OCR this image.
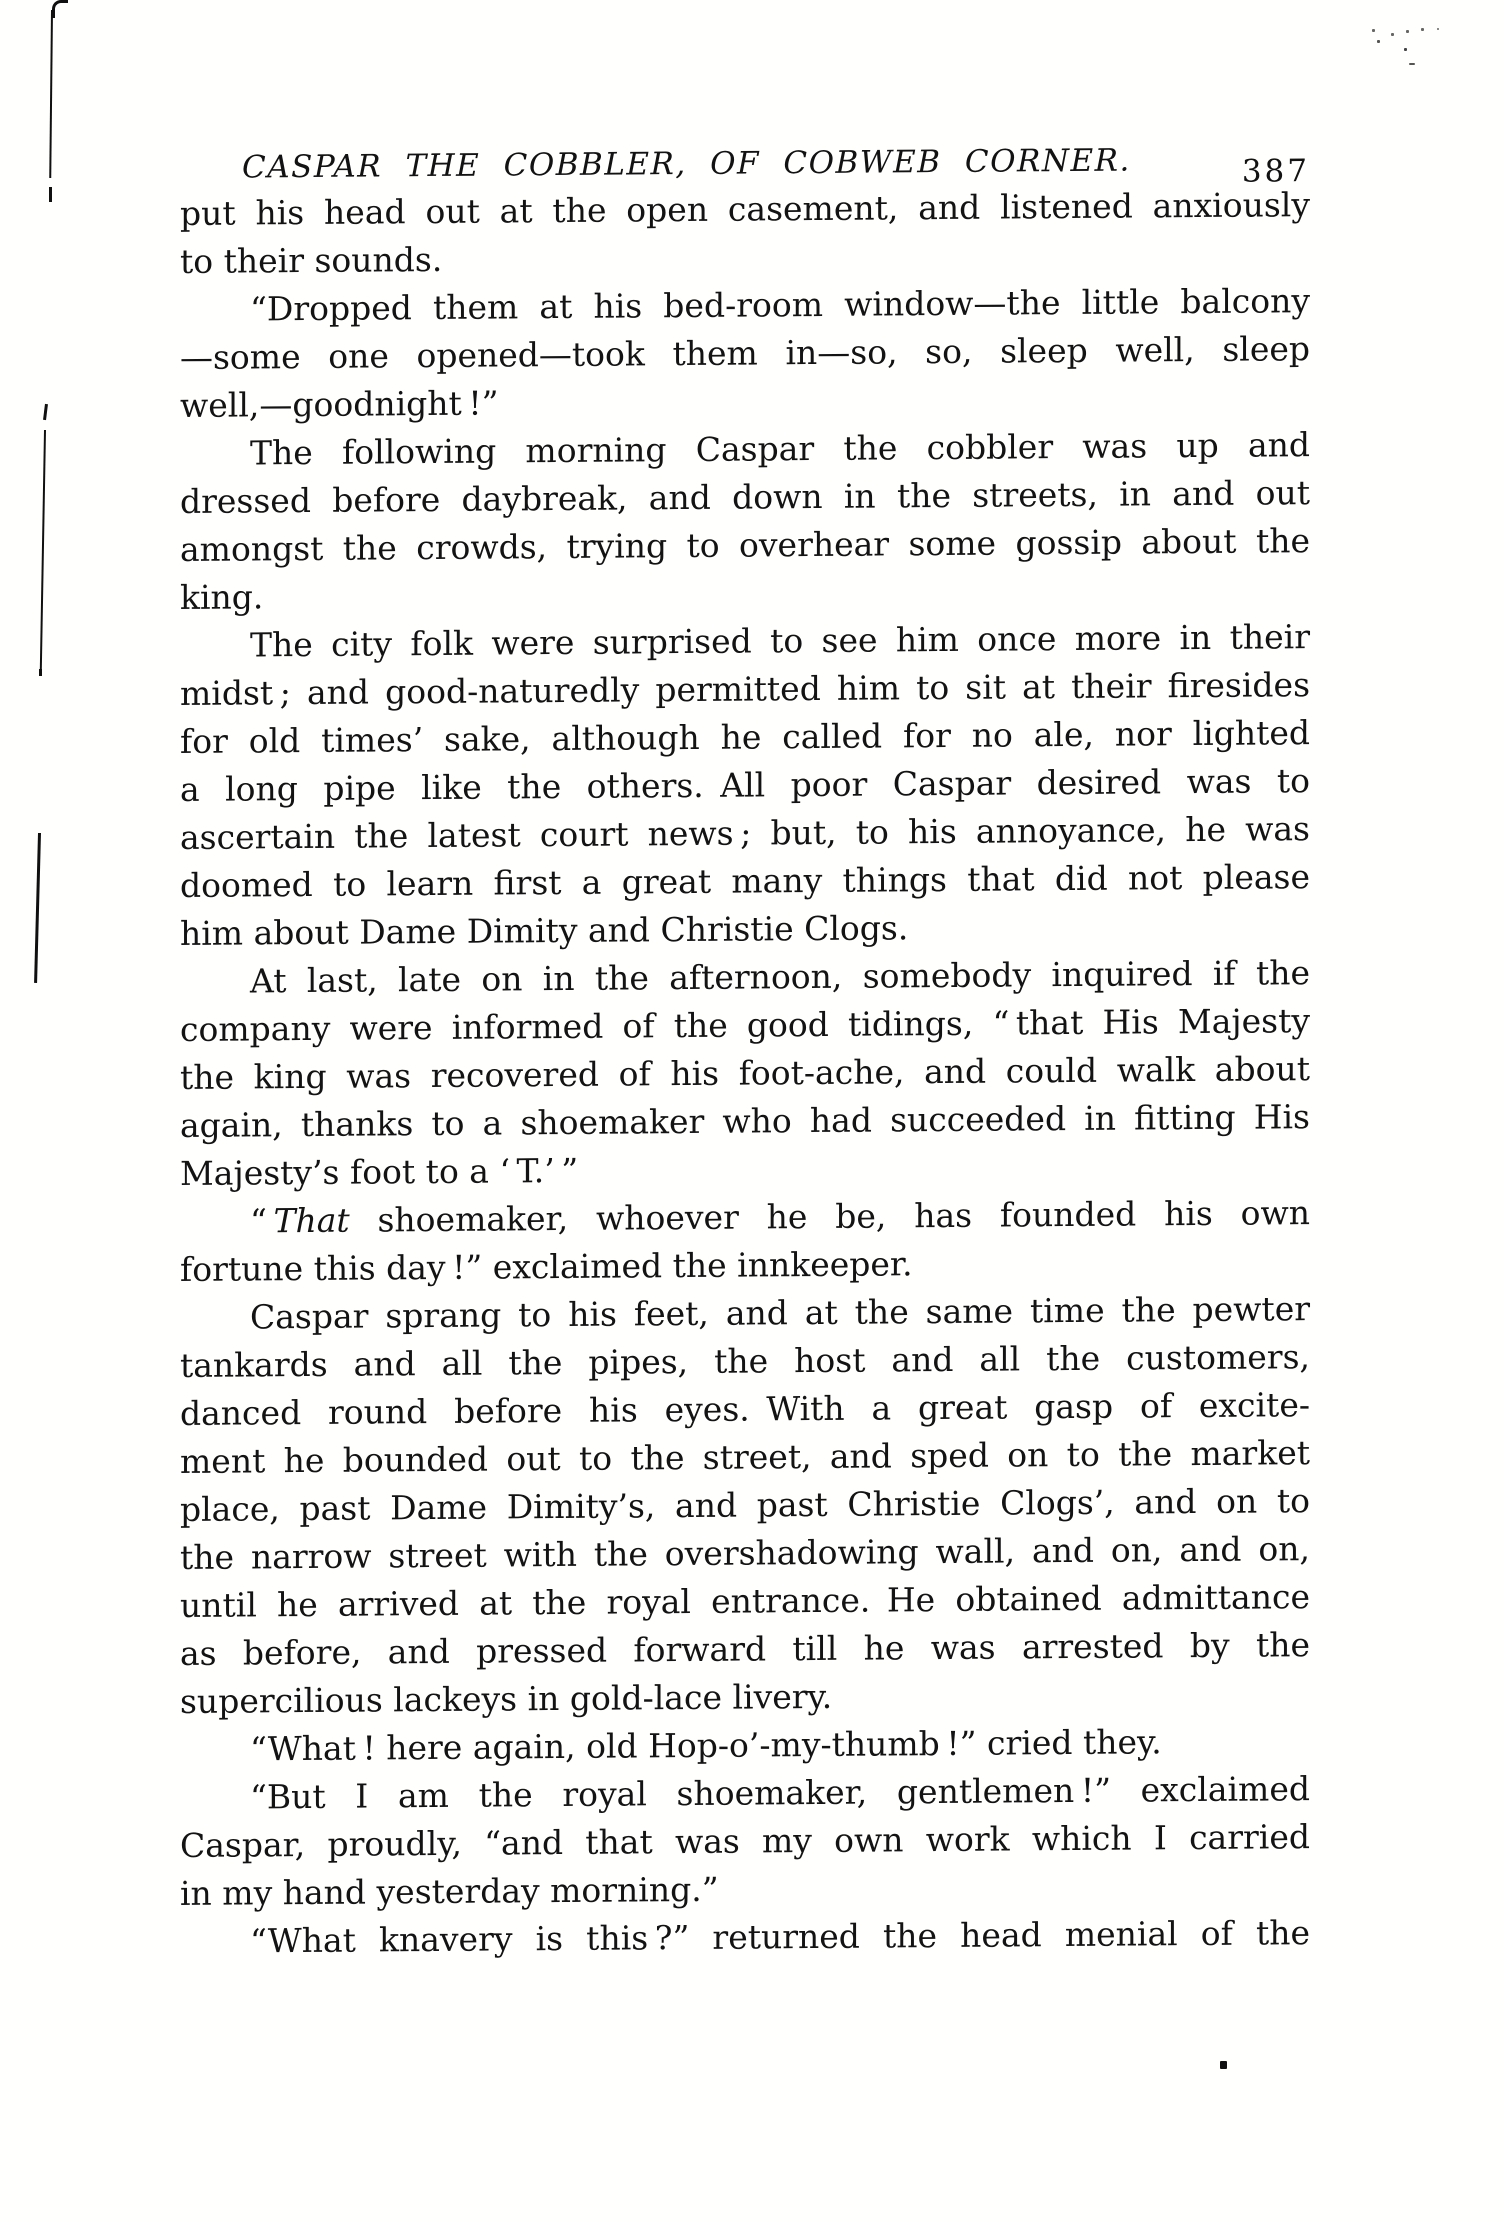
CASPAR THE COBBLER, OF COBWEB CORNER.	387

put his head out at the open casement, and listened anxiously
to their sounds.

“Dropped them at his bed-room window—the little balcony
—some one opened—took them in—so, so, sleep well, sleep
well,—goodnight !”

The following morning Caspar the cobbler was up and
dressed before daybreak, and down in the streets, in and out
amongst the crowds, trying to overhear some gossip about the
king.

The city folk were surprised to see him once more in their
midst ; and good-naturedly permitted him to sit at their firesides
for old times’ sake, although he called for no ale, nor lighted
a long pipe like the others. All poor Caspar desired was to
ascertain the latest court news ; but, to his annoyance, he was
doomed to learn first a great many things that did not please
him about Dame Dimity and Christie Clogs.

At last, late on in the afternoon, somebody inquired if the
company were informed of the good tidings, “ that His Majesty
the king was recovered of his foot-ache, and could walk about
again, thanks to a shoemaker who had succeeded in fitting His
Majesty’s foot to a ‘ T.’ ”

“ That shoemaker, whoever he be, has founded his own
fortune this day !” exclaimed the innkeeper.

Caspar sprang to his feet, and at the same time the pewter
tankards and all the pipes, the host and all the customers,
danced round before his eyes. With a great gasp of excite-
ment he bounded out to the street, and sped on to the market
place, past Dame Dimity’s, and past Christie Clogs’, and on to
the narrow street with the overshadowing wall, and on, and on,
until he arrived at the royal entrance. He obtained admittance
as before, and pressed forward till he was arrested by the
supercilious lackeys in gold-lace livery.

“What ! here again, old Hop-o’-my-thumb !” cried they.

“But I am the royal shoemaker, gentlemen !” exclaimed
Caspar, proudly, “and that was my own work which I carried
in my hand yesterday morning.”

“What knavery is this ?” returned the head menial of the
